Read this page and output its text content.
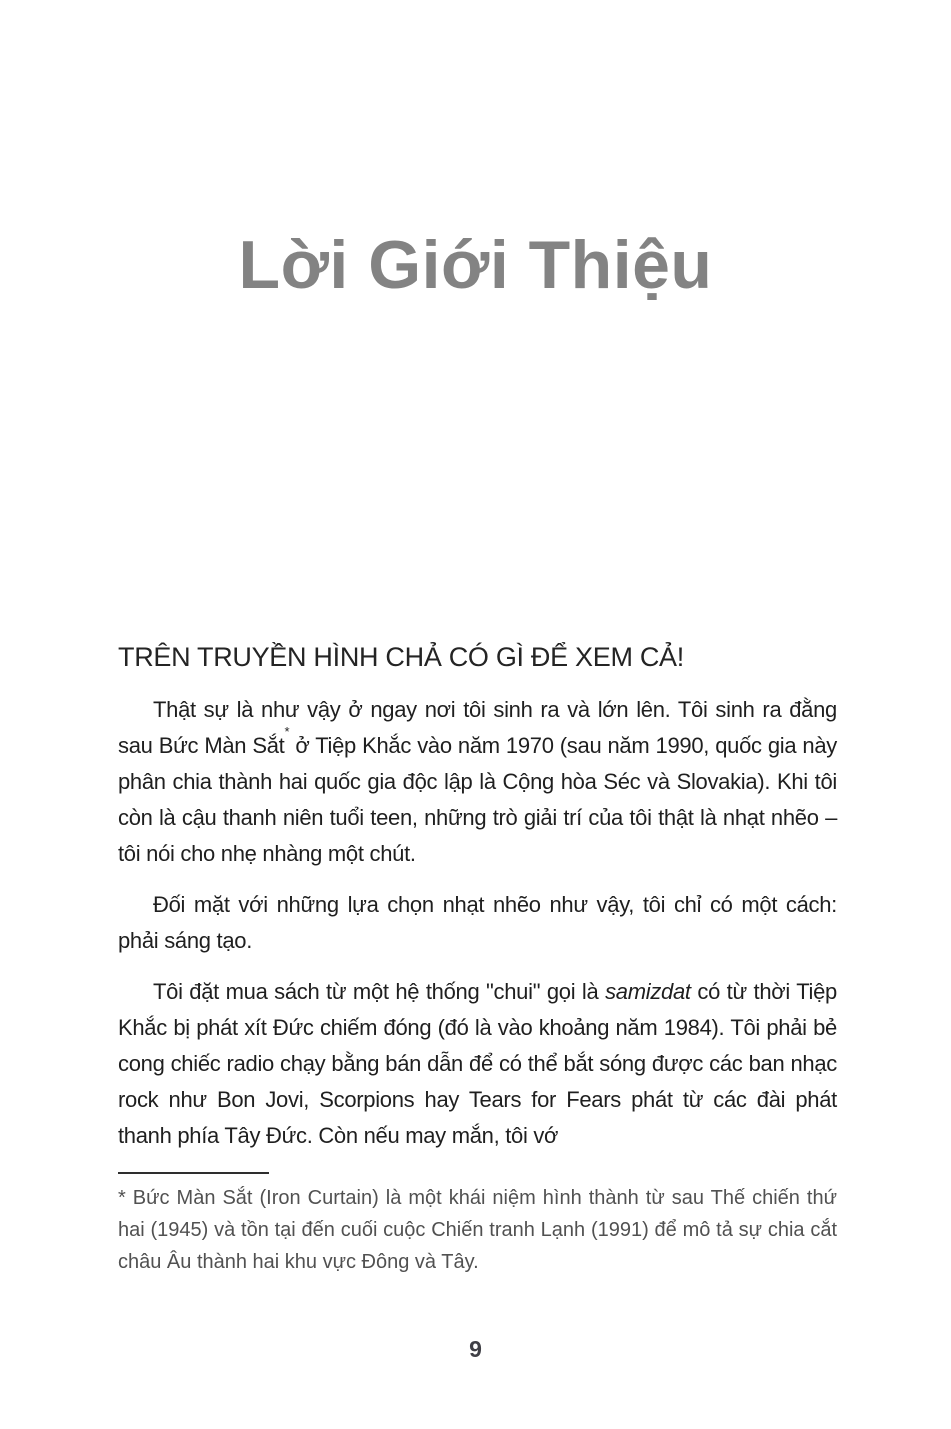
Lời Giới Thiệu
TRÊN TRUYỀN HÌNH CHẢ CÓ GÌ ĐỂ XEM CẢ!

Thật sự là như vậy ở ngay nơi tôi sinh ra và lớn lên. Tôi sinh ra đằng sau Bức Màn Sắt* ở Tiệp Khắc vào năm 1970 (sau năm 1990, quốc gia này phân chia thành hai quốc gia độc lập là Cộng hòa Séc và Slovakia). Khi tôi còn là cậu thanh niên tuổi teen, những trò giải trí của tôi thật là nhạt nhẽo – tôi nói cho nhẹ nhàng một chút.

Đối mặt với những lựa chọn nhạt nhẽo như vậy, tôi chỉ có một cách: phải sáng tạo.

Tôi đặt mua sách từ một hệ thống "chui" gọi là samizdat có từ thời Tiệp Khắc bị phát xít Đức chiếm đóng (đó là vào khoảng năm 1984). Tôi phải bẻ cong chiếc radio chạy bằng bán dẫn để có thể bắt sóng được các ban nhạc rock như Bon Jovi, Scorpions hay Tears for Fears phát từ các đài phát thanh phía Tây Đức. Còn nếu may mắn, tôi vớ

* Bức Màn Sắt (Iron Curtain) là một khái niệm hình thành từ sau Thế chiến thứ hai (1945) và tồn tại đến cuối cuộc Chiến tranh Lạnh (1991) để mô tả sự chia cắt châu Âu thành hai khu vực Đông và Tây.
9
